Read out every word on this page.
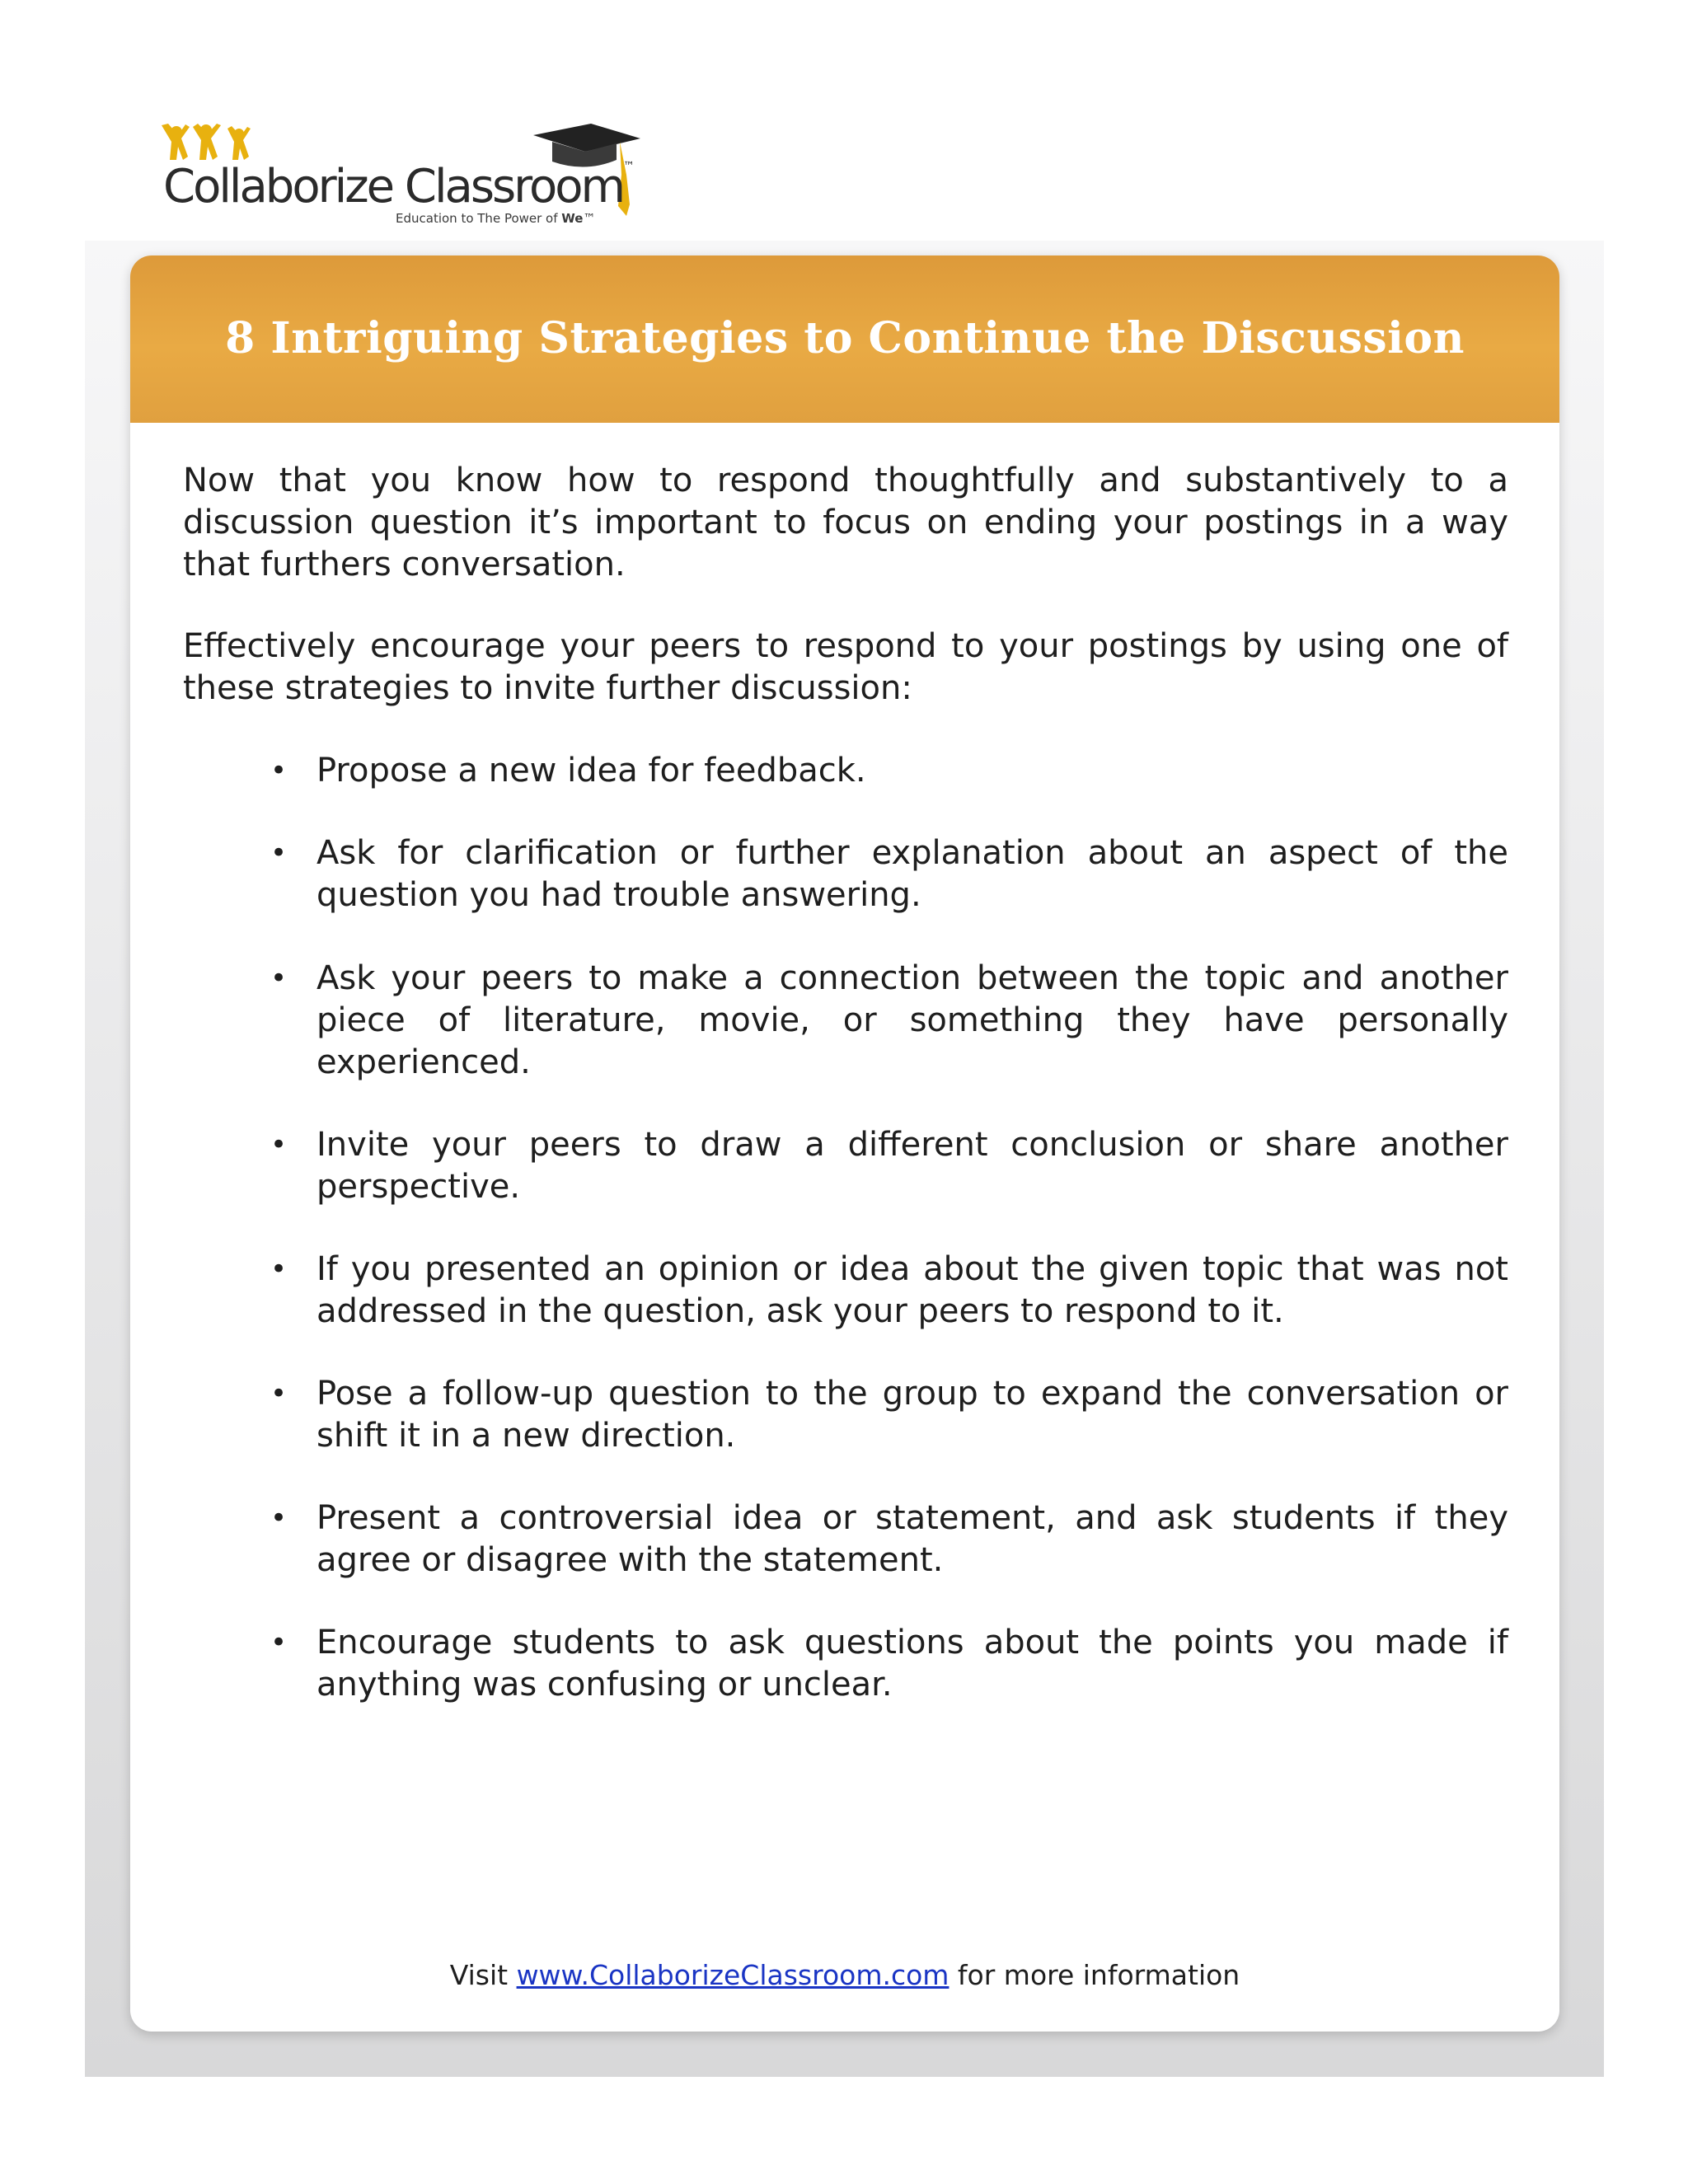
Collaborize Classroom™
Education to The Power of We™
8 Intriguing Strategies to Continue the Discussion

Now that you know how to respond thoughtfully and substantively to a discussion question it’s important to focus on ending your postings in a way that furthers conversation.

Effectively encourage your peers to respond to your postings by using one of these strategies to invite further discussion:

• Propose a new idea for feedback.
• Ask for clarification or further explanation about an aspect of the question you had trouble answering.
• Ask your peers to make a connection between the topic and another piece of literature, movie, or something they have personally experienced.
• Invite your peers to draw a different conclusion or share another perspective.
• If you presented an opinion or idea about the given topic that was not addressed in the question, ask your peers to respond to it.
• Pose a follow-up question to the group to expand the conversation or shift it in a new direction.
• Present a controversial idea or statement, and ask students if they agree or disagree with the statement.
• Encourage students to ask questions about the points you made if anything was confusing or unclear.

Visit www.CollaborizeClassroom.com for more information
